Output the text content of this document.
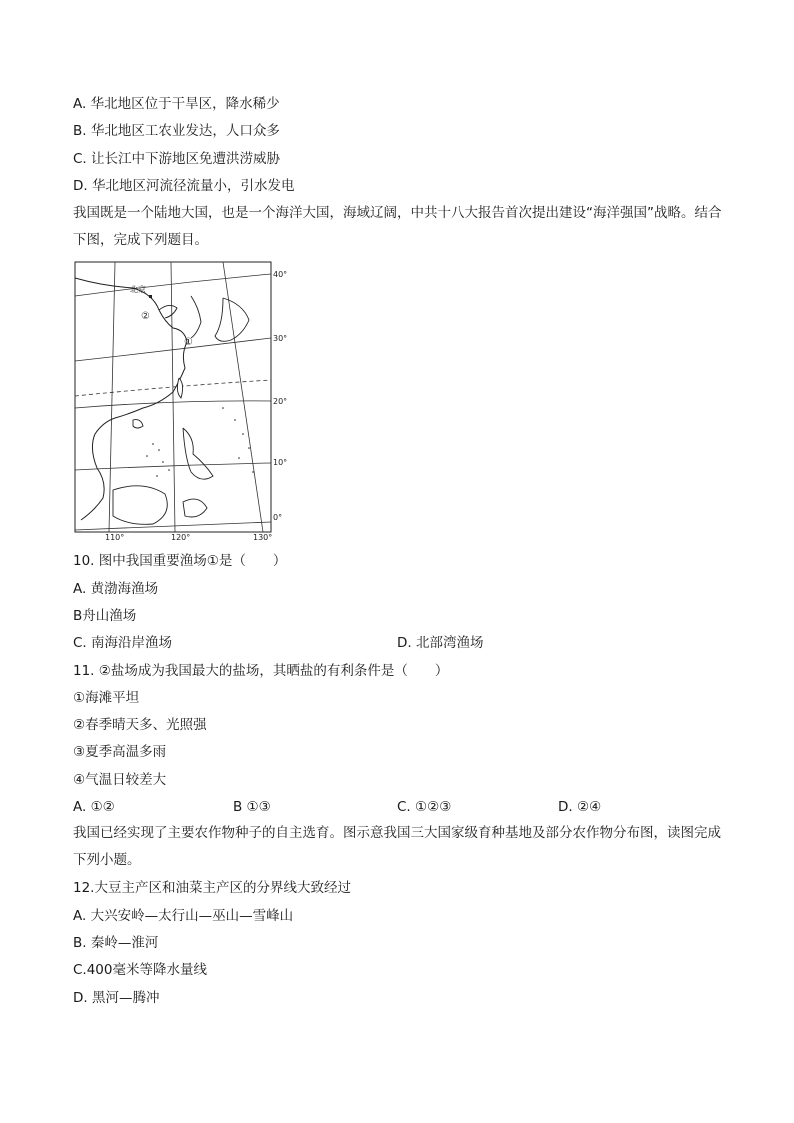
A. 华北地区位于干旱区，降水稀少
B. 华北地区工农业发达，人口众多
C. 让长江中下游地区免遭洪涝威胁
D. 华北地区河流径流量小，引水发电
我国既是一个陆地大国，也是一个海洋大国，海域辽阔，中共十八大报告首次提出建设“海洋强国”战略。结合下图，完成下列题目。
北京
②
①
40°
30°
20°
10°
0°
110°	120°	130°
10. 图中我国重要渔场①是（　　）
A. 黄渤海渔场
B舟山渔场
C. 南海沿岸渔场	D. 北部湾渔场
11. ②盐场成为我国最大的盐场，其晒盐的有利条件是（　　）
①海滩平坦
②春季晴天多、光照强
③夏季高温多雨
④气温日较差大
A. ①②	B ①③	C. ①②③	D. ②④
我国已经实现了主要农作物种子的自主选育。图示意我国三大国家级育种基地及部分农作物分布图，读图完成下列小题。
12.大豆主产区和油菜主产区的分界线大致经过
A. 大兴安岭—太行山—巫山—雪峰山
B. 秦岭—淮河
C.400毫米等降水量线
D. 黑河—腾冲
